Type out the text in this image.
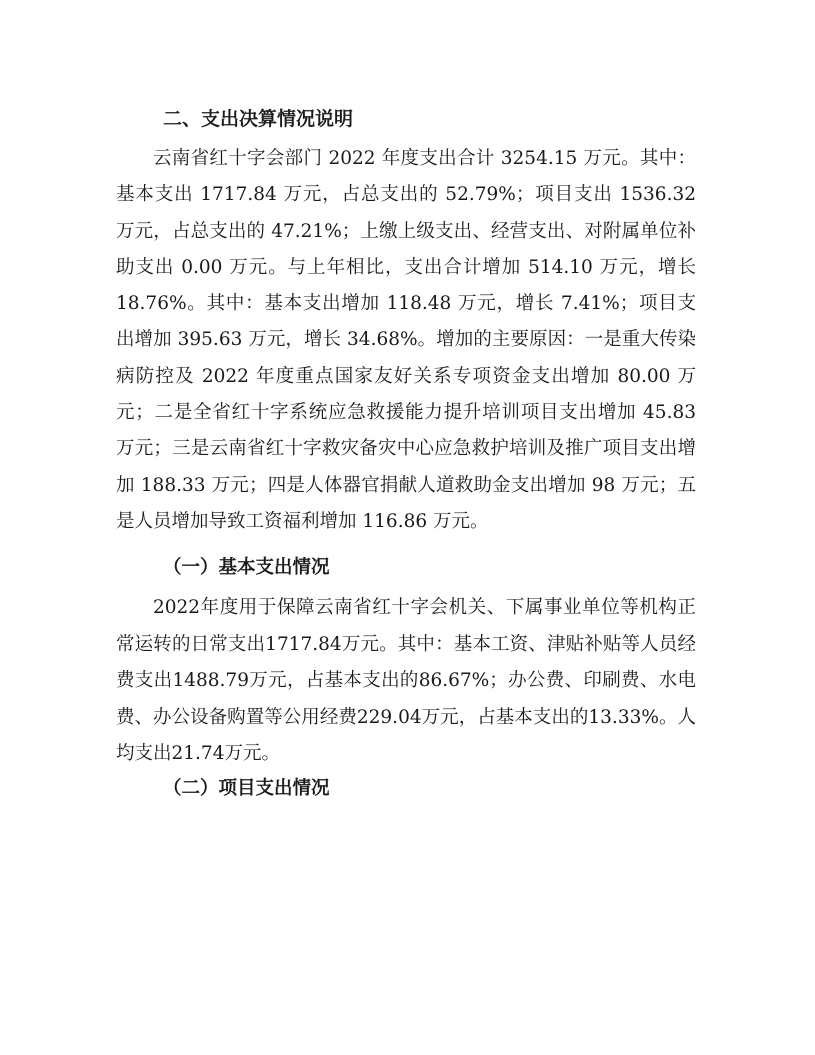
二、支出决算情况说明

云南省红十字会部门 2022 年度支出合计 3254.15 万元。其中：基本支出 1717.84 万元，占总支出的 52.79%；项目支出 1536.32 万元，占总支出的 47.21%；上缴上级支出、经营支出、对附属单位补助支出 0.00 万元。与上年相比，支出合计增加 514.10 万元，增长 18.76%。其中：基本支出增加 118.48 万元，增长 7.41%；项目支出增加 395.63 万元，增长 34.68%。增加的主要原因：一是重大传染病防控及 2022 年度重点国家友好关系专项资金支出增加 80.00 万元；二是全省红十字系统应急救援能力提升培训项目支出增加 45.83 万元；三是云南省红十字救灾备灾中心应急救护培训及推广项目支出增加 188.33 万元；四是人体器官捐献人道救助金支出增加 98 万元；五是人员增加导致工资福利增加 116.86 万元。

（一）基本支出情况

2022年度用于保障云南省红十字会机关、下属事业单位等机构正常运转的日常支出1717.84万元。其中：基本工资、津贴补贴等人员经费支出1488.79万元，占基本支出的86.67%；办公费、印刷费、水电费、办公设备购置等公用经费229.04万元，占基本支出的13.33%。人均支出21.74万元。

（二）项目支出情况
